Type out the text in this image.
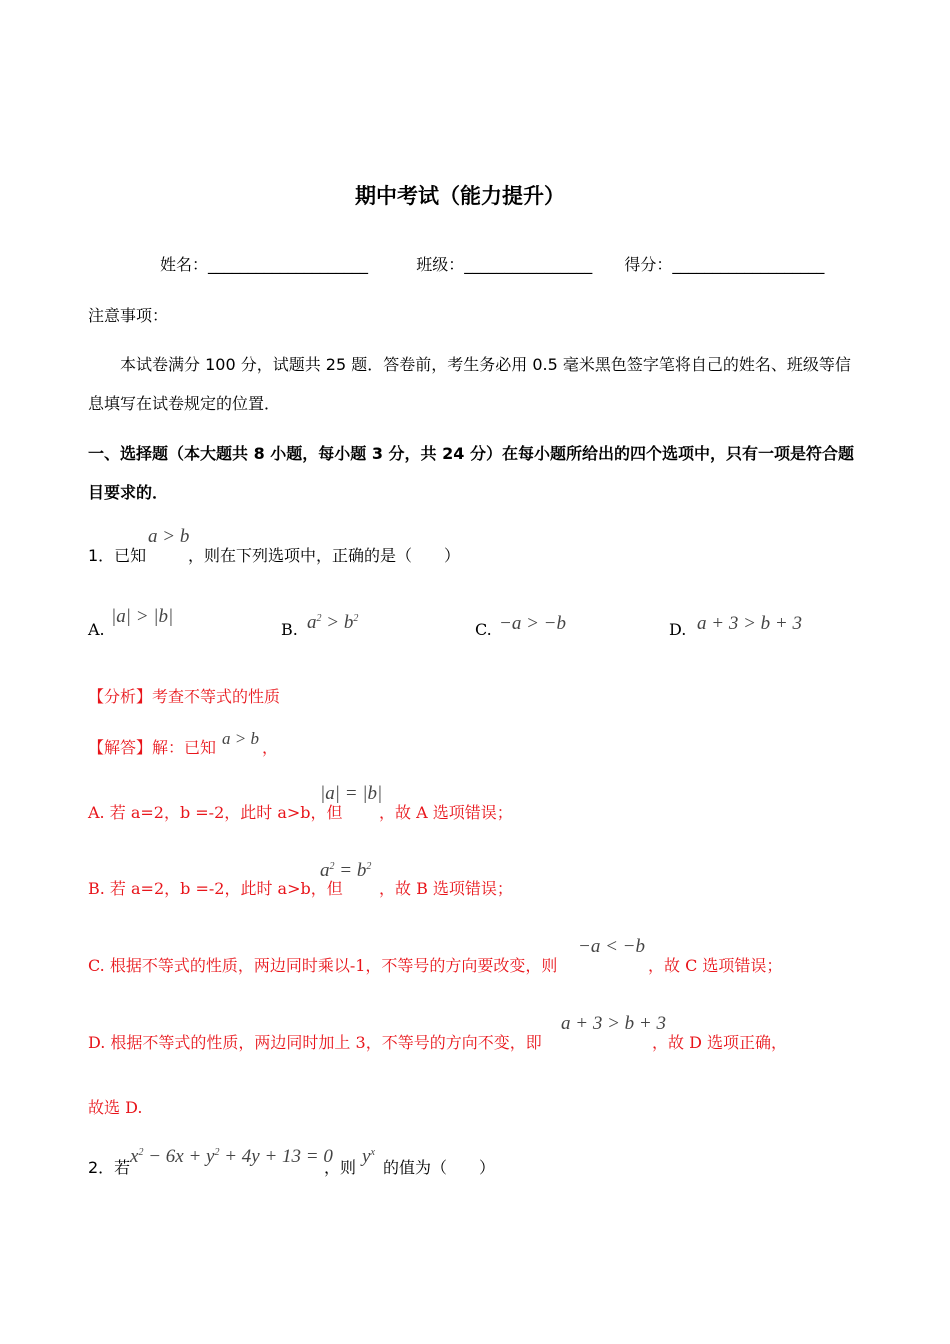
期中考试（能力提升）
姓名：____________________	班级：________________ 得分：___________________
注意事项：
本试卷满分 100 分，试题共 25 题．答卷前，考生务必用 0.5 毫米黑色签字笔将自己的姓名、班级等信
息填写在试卷规定的位置．
一、选择题（本大题共 8 小题，每小题 3 分，共 24 分）在每小题所给出的四个选项中，只有一项是符合题
目要求的．
1．已知
a > b
，则在下列选项中，正确的是（　　）
A.
|a| > |b|
B. $a^2 > b^2$
C. −a > −b	D. a + 3 > b + 3
【分析】考查不等式的性质
【解答】解：已知 a > b ，
A. 若 a=2，b =-2，此时 a>b，但
|a| = |b|
，故 A 选项错误；
B. 若 a=2，b =-2，此时 a>b，但
$a^2 = b^2$
，故 B 选项错误；
C. 根据不等式的性质，两边同时乘以-1，不等号的方向要改变，则
−a < −b
，故 C 选项错误；
D. 根据不等式的性质，两边同时加上 3，不等号的方向不变，即
a + 3 > b + 3
，故 D 选项正确，
故选 D.
2．若
$x^2 - 6x + y^2 + 4y + 13 = 0$
，则
$y^x$
的值为（　　）
